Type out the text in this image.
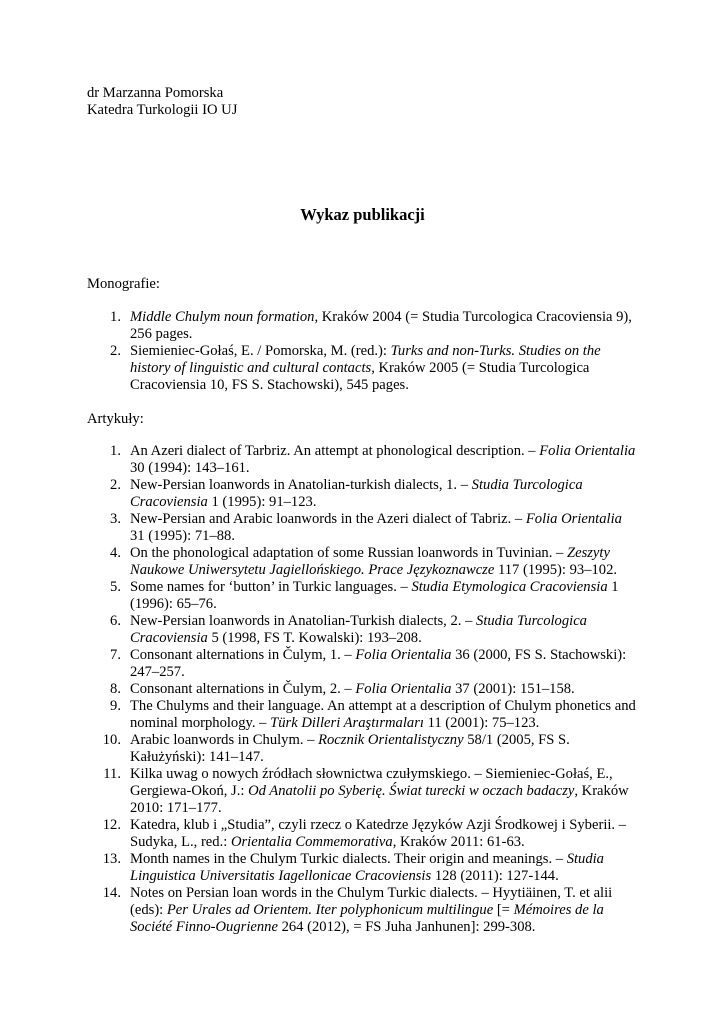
dr Marzanna Pomorska
Katedra Turkologii IO UJ
Wykaz publikacji
Monografie:
1. Middle Chulym noun formation, Kraków 2004 (= Studia Turcologica Cracoviensia 9), 256 pages.
2. Siemieniec-Gołaś, E. / Pomorska, M. (red.): Turks and non-Turks. Studies on the history of linguistic and cultural contacts, Kraków 2005 (= Studia Turcologica Cracoviensia 10, FS S. Stachowski), 545 pages.
Artykuły:
1. An Azeri dialect of Tarbriz. An attempt at phonological description. – Folia Orientalia 30 (1994): 143–161.
2. New-Persian loanwords in Anatolian-turkish dialects, 1. – Studia Turcologica Cracoviensia 1 (1995): 91–123.
3. New-Persian and Arabic loanwords in the Azeri dialect of Tabriz. – Folia Orientalia 31 (1995): 71–88.
4. On the phonological adaptation of some Russian loanwords in Tuvinian. – Zeszyty Naukowe Uniwersytetu Jagiellońskiego. Prace Językoznawcze 117 (1995): 93–102.
5. Some names for ‘button’ in Turkic languages. – Studia Etymologica Cracoviensia 1 (1996): 65–76.
6. New-Persian loanwords in Anatolian-Turkish dialects, 2. – Studia Turcologica Cracoviensia 5 (1998, FS T. Kowalski): 193–208.
7. Consonant alternations in Čulym, 1. – Folia Orientalia 36 (2000, FS S. Stachowski): 247–257.
8. Consonant alternations in Čulym, 2. – Folia Orientalia 37 (2001): 151–158.
9. The Chulyms and their language. An attempt at a description of Chulym phonetics and nominal morphology. – Türk Dilleri Araştırmaları 11 (2001): 75–123.
10. Arabic loanwords in Chulym. – Rocznik Orientalistyczny 58/1 (2005, FS S. Kałużyński): 141–147.
11. Kilka uwag o nowych źródłach słownictwa czułymskiego. – Siemieniec-Gołaś, E., Gergiewa-Okoń, J.: Od Anatolii po Syberię. Świat turecki w oczach badaczy, Kraków 2010: 171–177.
12. Katedra, klub i „Studia”, czyli rzecz o Katedrze Języków Azji Środkowej i Syberii. – Sudyka, L., red.: Orientalia Commemorativa, Kraków 2011: 61-63.
13. Month names in the Chulym Turkic dialects. Their origin and meanings. – Studia Linguistica Universitatis Iagellonicae Cracoviensis 128 (2011): 127-144.
14. Notes on Persian loan words in the Chulym Turkic dialects. – Hyytiäinen, T. et alii (eds): Per Urales ad Orientem. Iter polyphonicum multilingue [= Mémoires de la Société Finno-Ougrienne 264 (2012), = FS Juha Janhunen]: 299-308.
